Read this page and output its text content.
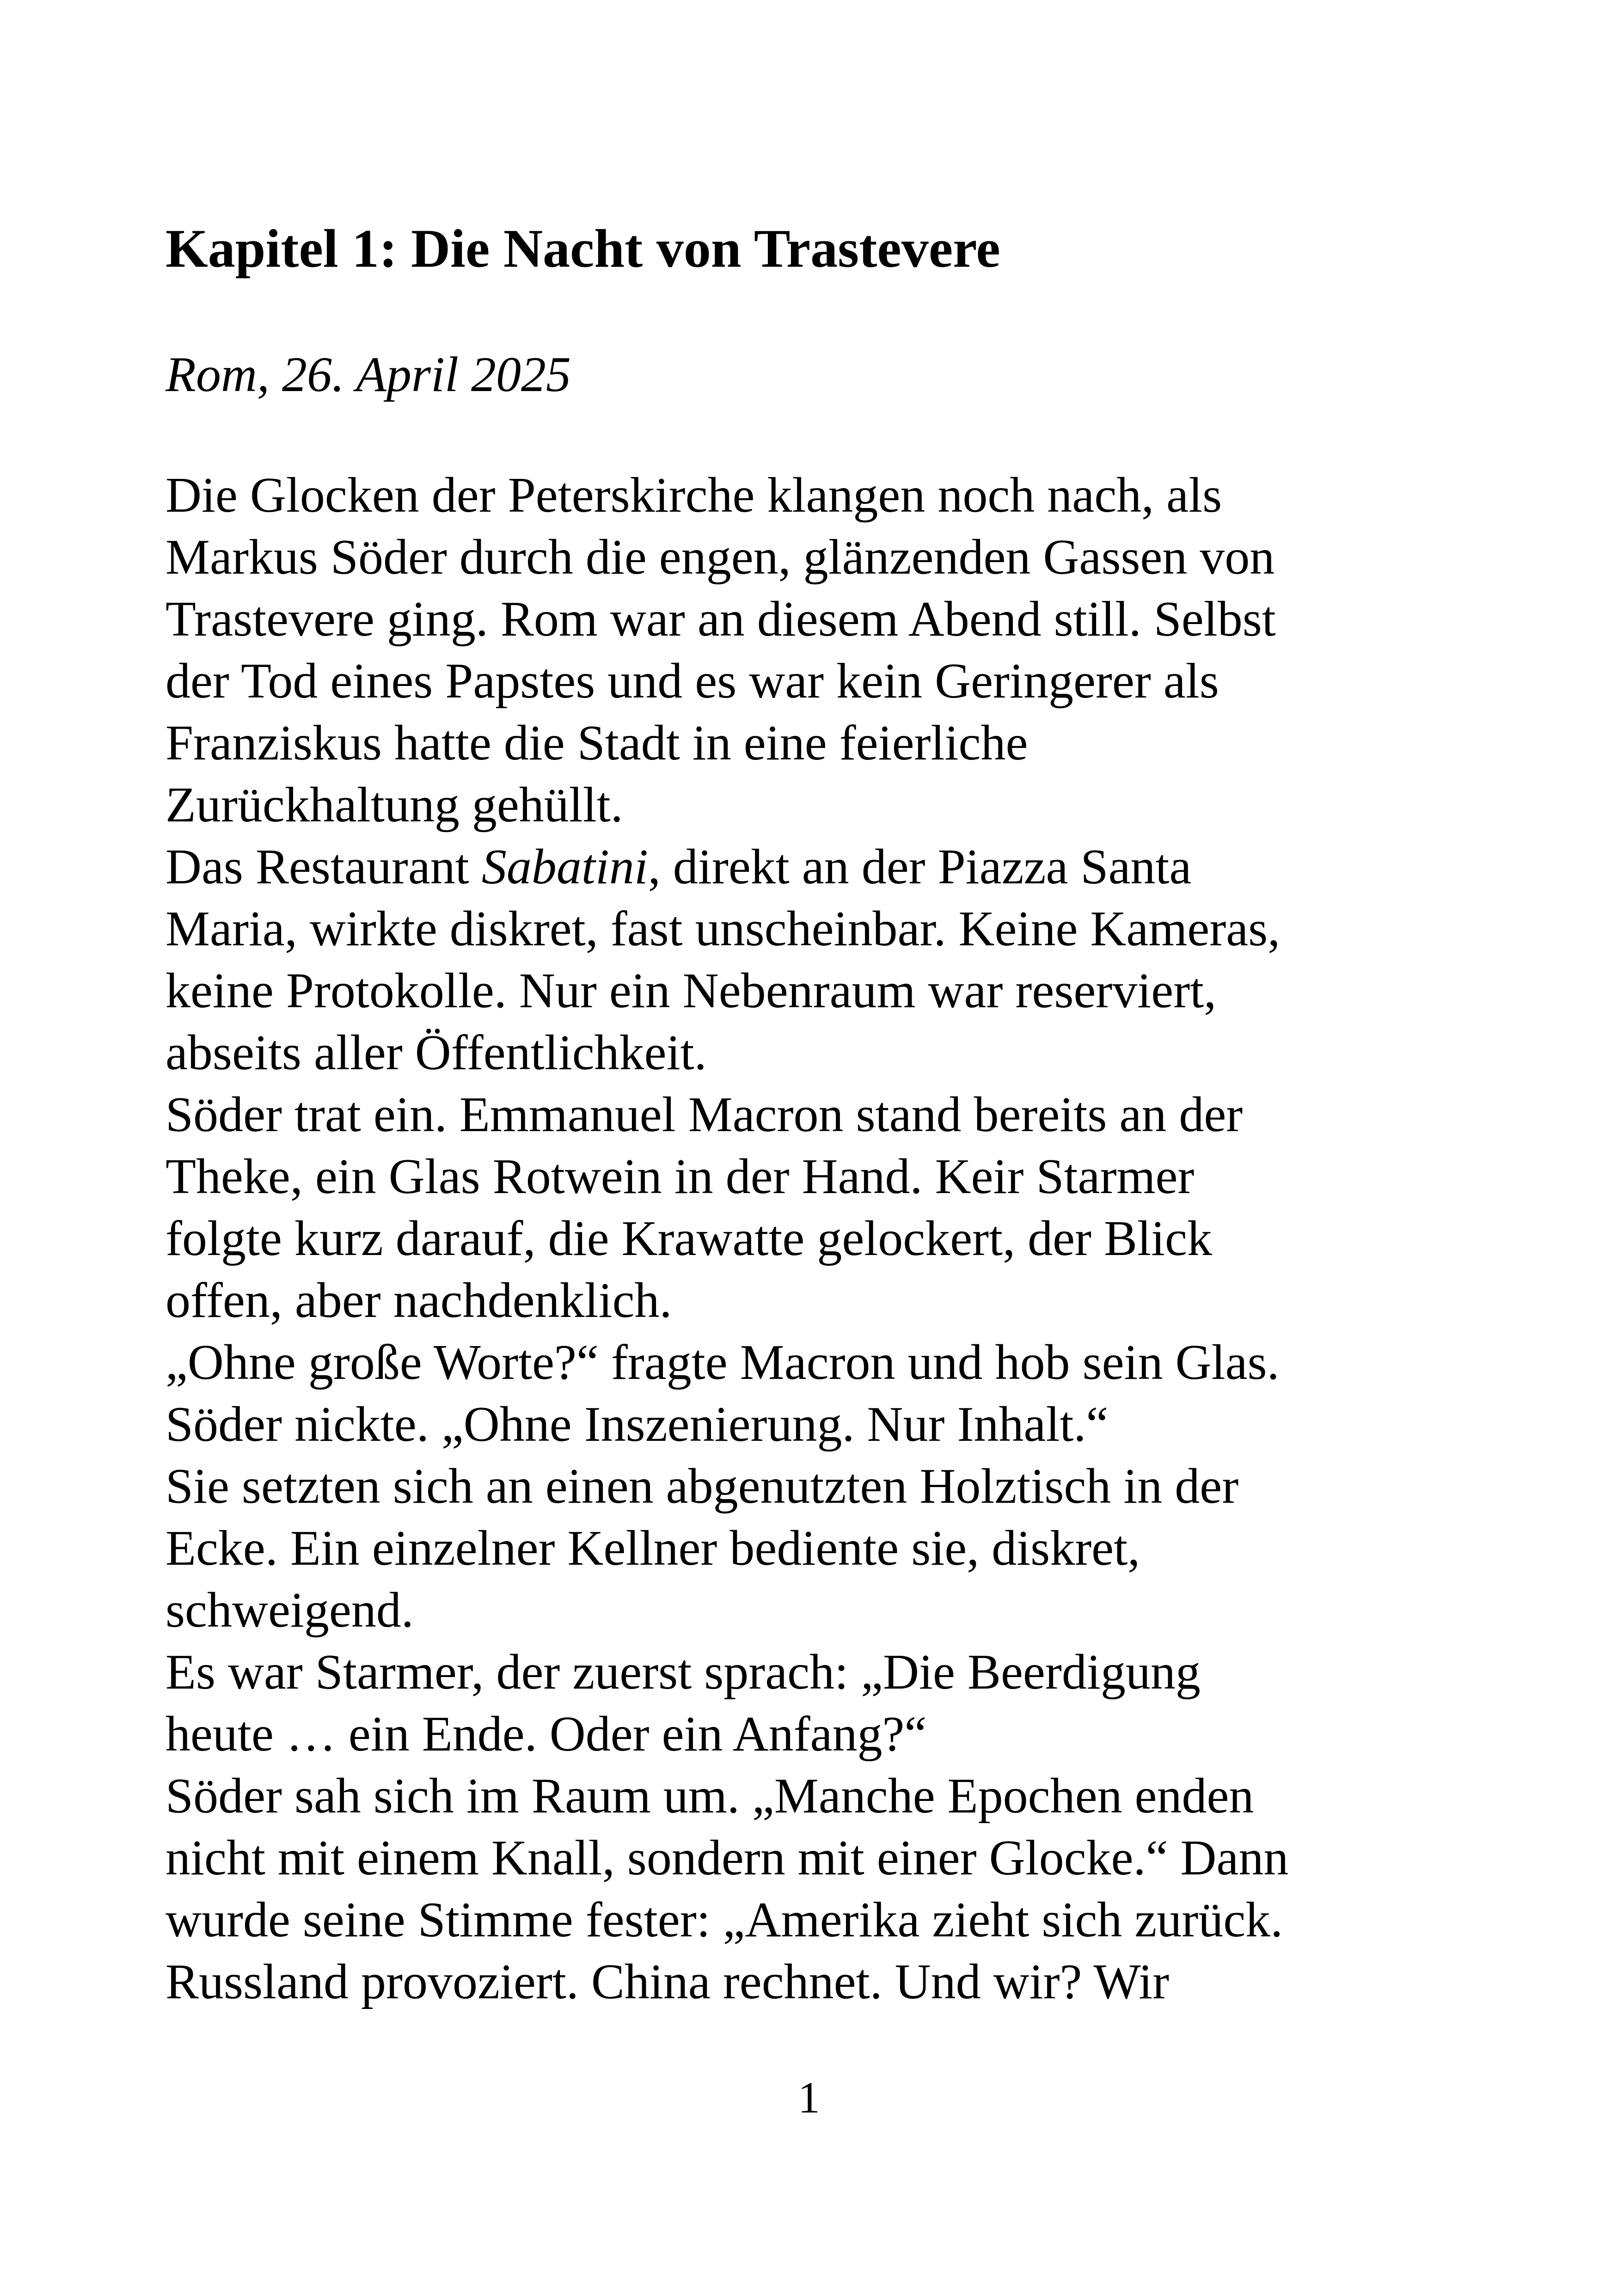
Kapitel 1: Die Nacht von Trastevere

Rom, 26. April 2025

Die Glocken der Peterskirche klangen noch nach, als

Markus Söder durch die engen, glänzenden Gassen von

Trastevere ging. Rom war an diesem Abend still. Selbst

der Tod eines Papstes und es war kein Geringerer als

Franziskus hatte die Stadt in eine feierliche

Zurückhaltung gehüllt.

Das Restaurant Sabatini, direkt an der Piazza Santa

Maria, wirkte diskret, fast unscheinbar. Keine Kameras,

keine Protokolle. Nur ein Nebenraum war reserviert,

abseits aller Öffentlichkeit.

Söder trat ein. Emmanuel Macron stand bereits an der

Theke, ein Glas Rotwein in der Hand. Keir Starmer

folgte kurz darauf, die Krawatte gelockert, der Blick

offen, aber nachdenklich.

„Ohne große Worte?“ fragte Macron und hob sein Glas.

Söder nickte. „Ohne Inszenierung. Nur Inhalt.“

Sie setzten sich an einen abgenutzten Holztisch in der

Ecke. Ein einzelner Kellner bediente sie, diskret,

schweigend.

Es war Starmer, der zuerst sprach: „Die Beerdigung

heute … ein Ende. Oder ein Anfang?“

Söder sah sich im Raum um. „Manche Epochen enden

nicht mit einem Knall, sondern mit einer Glocke.“ Dann

wurde seine Stimme fester: „Amerika zieht sich zurück.

Russland provoziert. China rechnet. Und wir? Wir

1
